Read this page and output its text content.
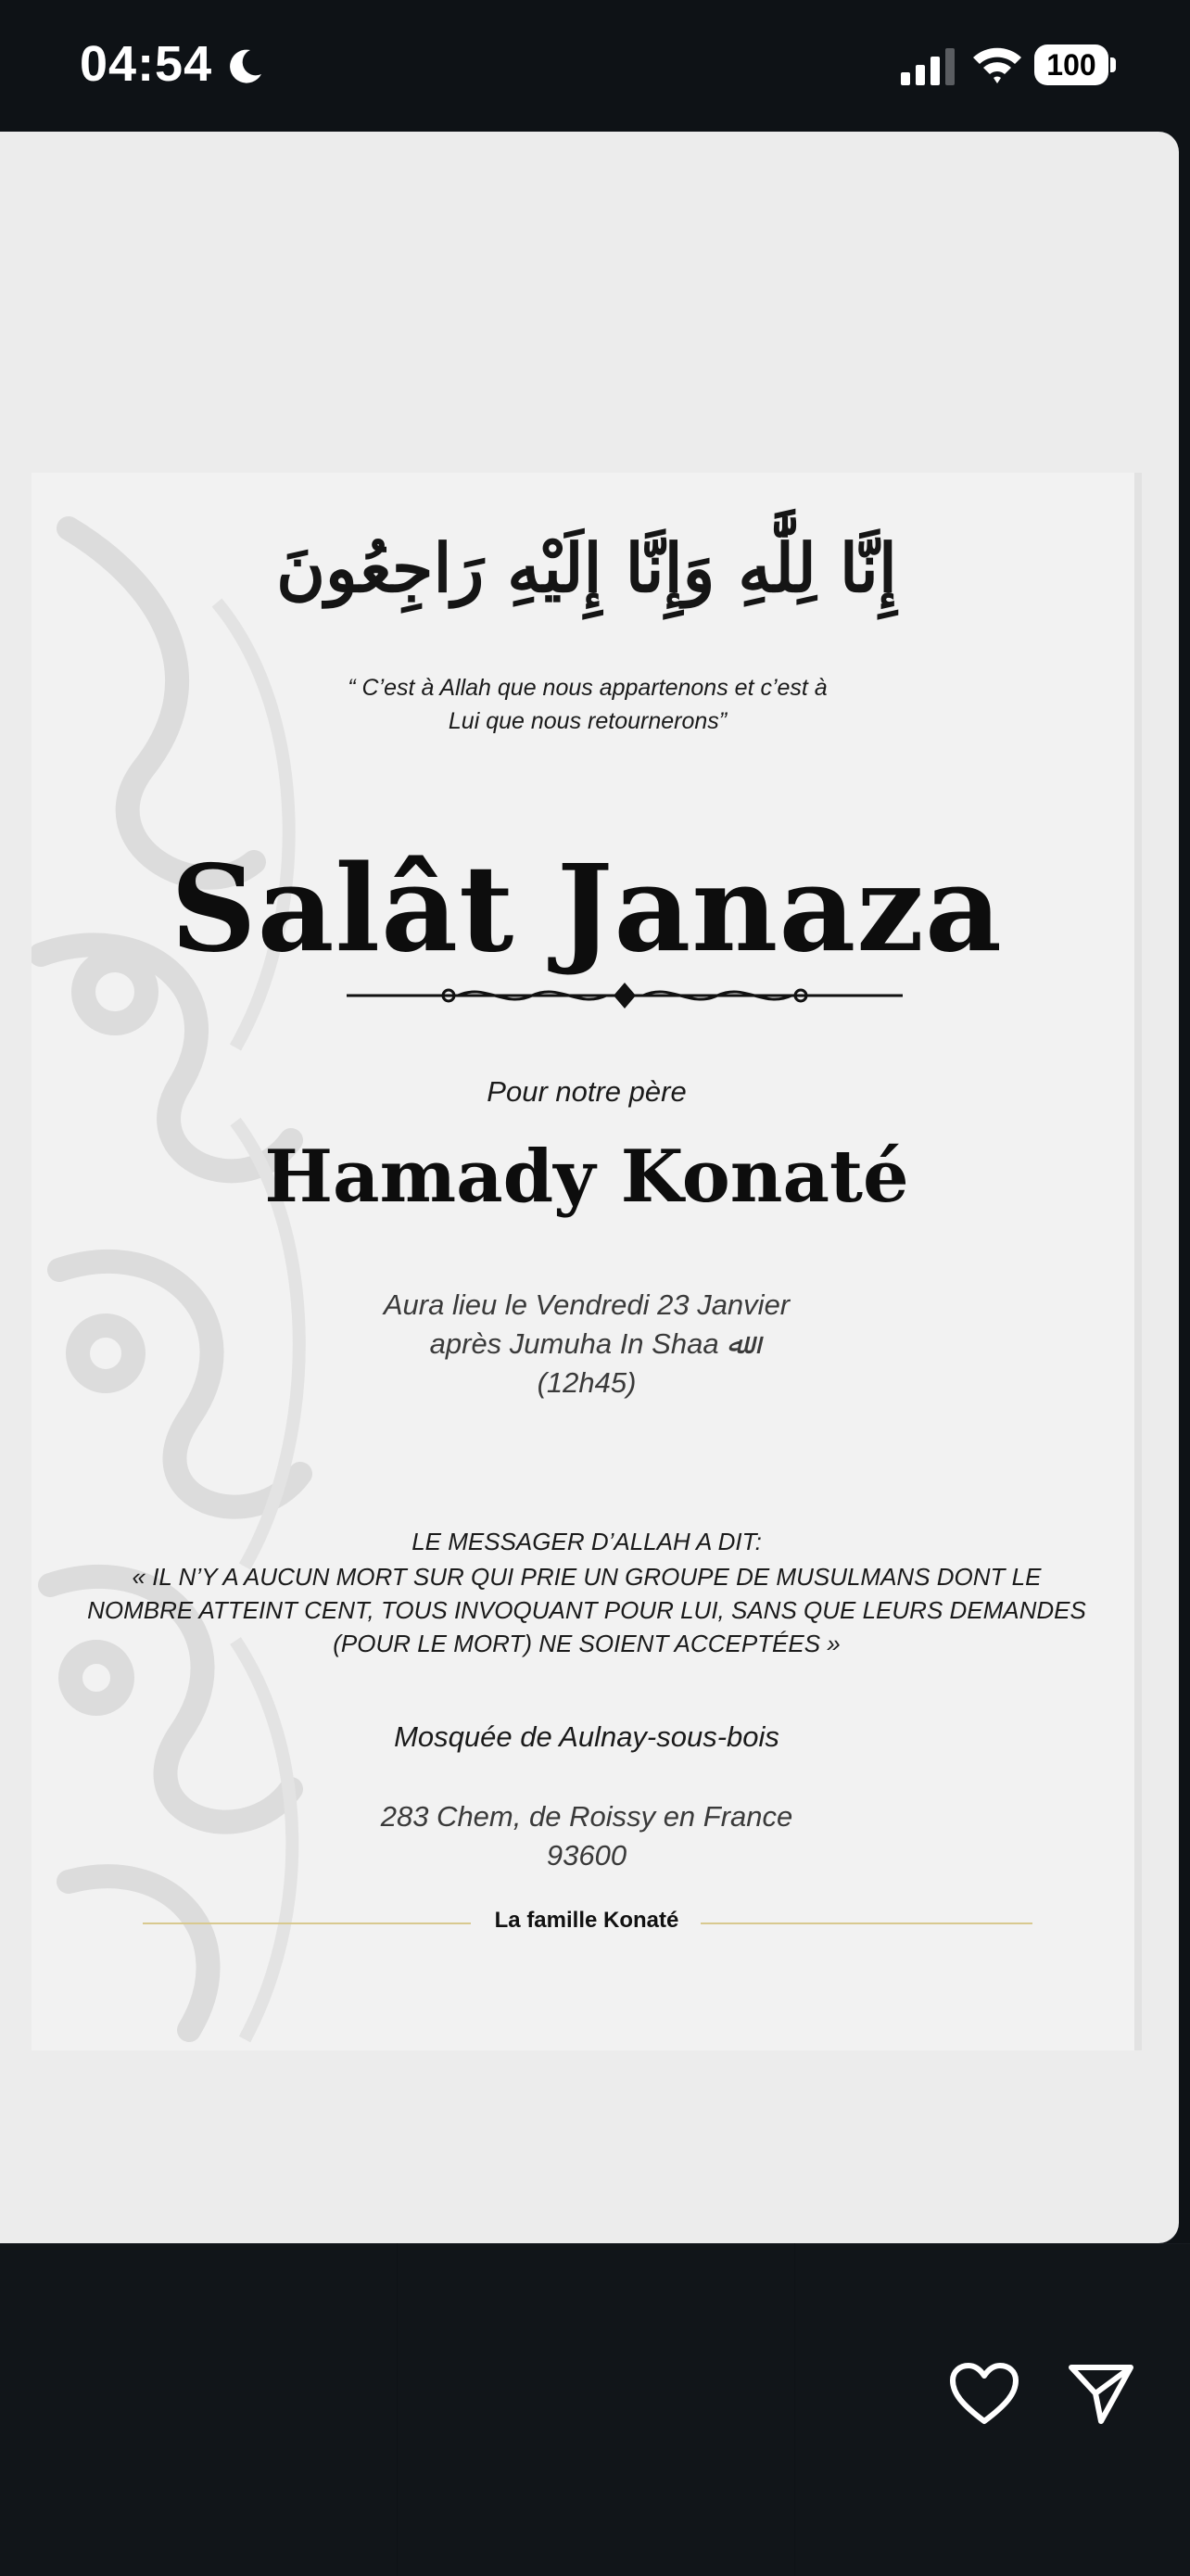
04:54	100
إِنَّا لِلَّٰهِ وَإِنَّا إِلَيْهِ رَاجِعُونَ
“ C’est à Allah que nous appartenons et c’est à
Lui que nous retournerons”
Salât Janaza
Pour notre père
Hamady Konaté
Aura lieu le Vendredi 23 Janvier
après Jumuha In Shaa ﷲ
(12h45)
LE MESSAGER D’ALLAH A DIT:
« IL N’Y A AUCUN MORT SUR QUI PRIE UN GROUPE DE MUSULMANS DONT LE
NOMBRE ATTEINT CENT, TOUS INVOQUANT POUR LUI, SANS QUE LEURS DEMANDES
(POUR LE MORT) NE SOIENT ACCEPTÉES »
Mosquée de Aulnay-sous-bois
283 Chem, de Roissy en France
93600
La famille Konaté
